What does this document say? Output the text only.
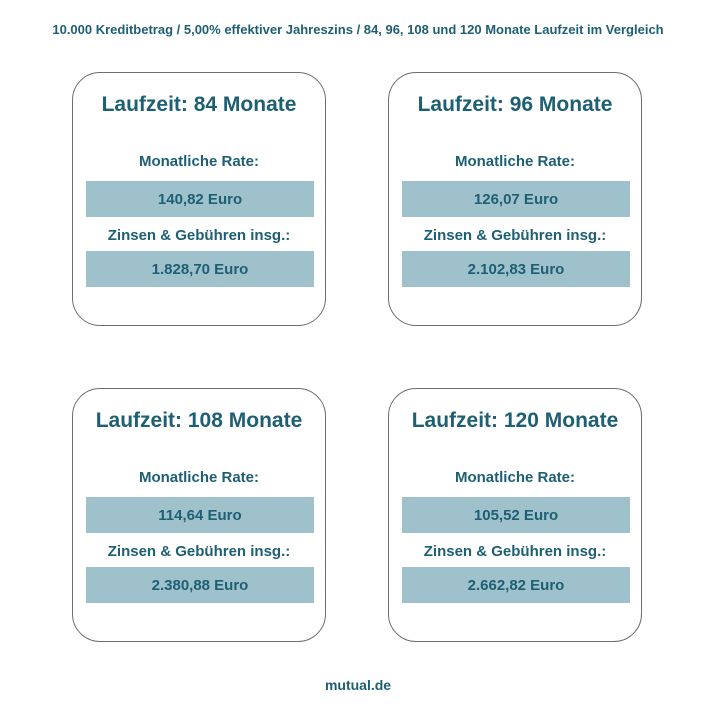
10.000 Kreditbetrag / 5,00% effektiver Jahreszins / 84, 96, 108 und 120 Monate Laufzeit im Vergleich
Laufzeit: 84 Monate
Monatliche Rate:
140,82 Euro
Zinsen & Gebühren insg.:
1.828,70 Euro
Laufzeit: 96 Monate
Monatliche Rate:
126,07 Euro
Zinsen & Gebühren insg.:
2.102,83 Euro
Laufzeit: 108 Monate
Monatliche Rate:
114,64 Euro
Zinsen & Gebühren insg.:
2.380,88 Euro
Laufzeit: 120 Monate
Monatliche Rate:
105,52 Euro
Zinsen & Gebühren insg.:
2.662,82 Euro
mutual.de
